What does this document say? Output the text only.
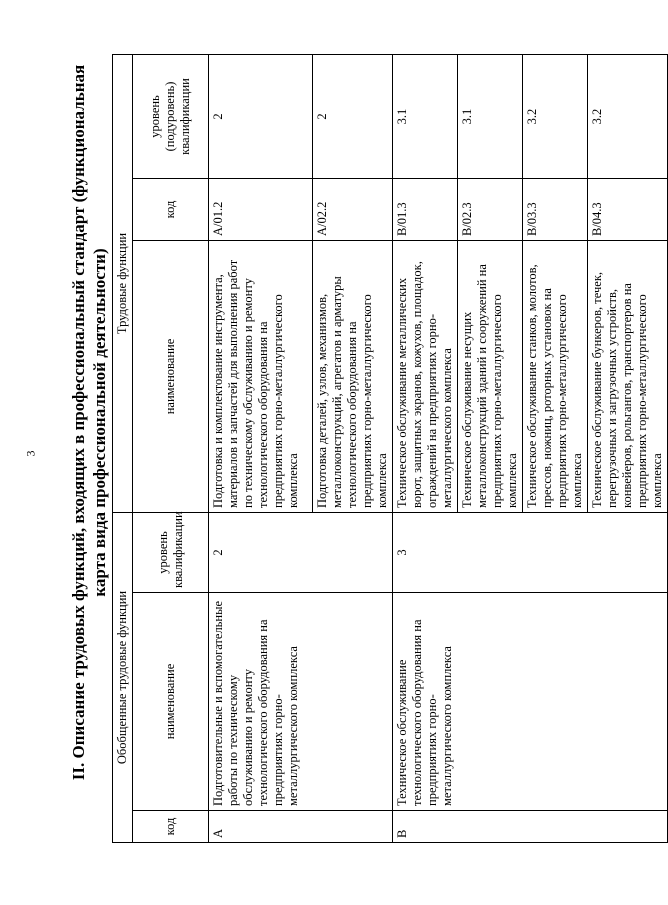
3 II. Описание трудовых функций, входящих в профессиональный стандарт (функциональная карта вида профессиональной деятельности)
Обобщенные трудовые функции			Трудовые функции		
код	наименование	уровень квалификации	наименование	код	уровень (подуровень) квалификации
А	Подготовительные и вспомогательные работы по техническому обслуживанию и ремонту технологического оборудования на предприятиях горно-металлургического комплекса	2	Подготовка и комплектование инструмента, материалов и запчастей для выполнения работ по техническому обслуживанию и ремонту технологического оборудования на предприятиях горно-металлургического комплекса	A/01.2	2
			Подготовка деталей, узлов, механизмов, металлоконструкций, агрегатов и арматуры технологического оборудования на предприятиях горно-металлургического комплекса	A/02.2	2
В	Техническое обслуживание технологического оборудования на предприятиях горно-металлургического комплекса	3	Техническое обслуживание металлических ворот, защитных экранов, кожухов, площадок, ограждений на предприятиях горно-металлургического комплекса	B/01.3	3.1
			Техническое обслуживание несущих металлоконструкций зданий и сооружений на предприятиях горно-металлургического комплекса	B/02.3	3.1
			Техническое обслуживание станков, молотов, прессов, ножниц, роторных установок на предприятиях горно-металлургического комплекса	B/03.3	3.2
			Техническое обслуживание бункеров, течек, перегрузочных и загрузочных устройств, конвейеров, рольгангов, транспортеров на предприятиях горно-металлургического комплекса	B/04.3	3.2
